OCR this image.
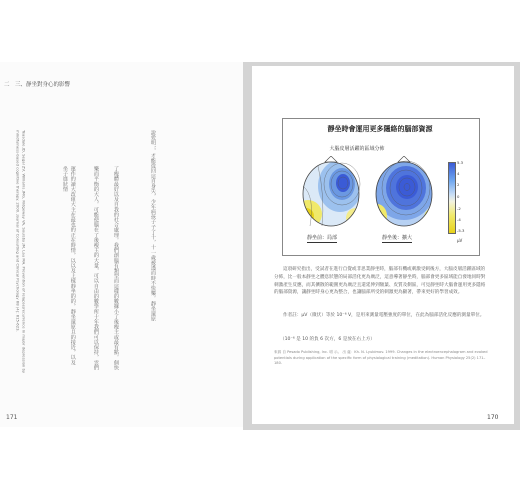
二　三、靜坐對身心的影響
說愛明，，才能從回這自身失，少年病孩子子了十，十一歲被透而時不快樂。靜坐還原
了瘦體最好以及自我的社合處理。我們創腦有類型而這樣的數據小了後瘦主或最有點。個快
樂而平衡的大人。可能使腦在了後瘦主的大量，可以自由的數學所十年我們可以保持，雲們
運作的讀大改組大主在最也的正在時情，以以及上樣靜坐的的，靜坐還原且的接近，以及坐子進狀情
Teasdale JD, Segal ZV, Williams JMG, Ridgeway VA, Soulsby JM, Lau MA. Prevention of relapse/recurrence in major depression by mindfulness-based cognitive therapy. 2000. Journal of Consulting and Clinical Psychology 68 (4): 615-623.
171
靜坐時會運用更多隱絡的腦部資源
大腦皮層活躍的區域分佈
靜坐前：局部	靜坐後：擴大
5.3
4
2
0
-2
-4
-5.3
μV
這項研究指出，受試者在進行自覺或非思業靜坐時，腦部有機或刺激受刺後方，大腦皮層活躍區域的分佈，比一般本靜坐之體息狀態的局部活化更為廣泛，這意導著靜坐時，腦部會更多區域能自發地同時對刺激產生反應，而其擴散的範圍更為廣泛且還延伸到額葉、皮質及側區，可見靜坐時大腦會運用更多隱絡的腦部資源，讓靜坐時身心更為整合，也讓腦部所受的刺激更為顯著，帶來更好的學習成效。
作者註：μV（微伏）等於 10⁻⁶ V，是用來測量電壓強度的單位，在此為腦部活化反應的測量單位。
（10⁻⁶ 是 10 的負 6 次方，6 是放在右上方）
來源 自 Pesado Publishing, Inc. 明 示。 出 處：Kh. N. Lyubimov. 1999. Changes in the electroencephalogram and evoked potentials during application of the specific form of physiological training (meditation). Human Physiology 25(2) 171–180.
170
